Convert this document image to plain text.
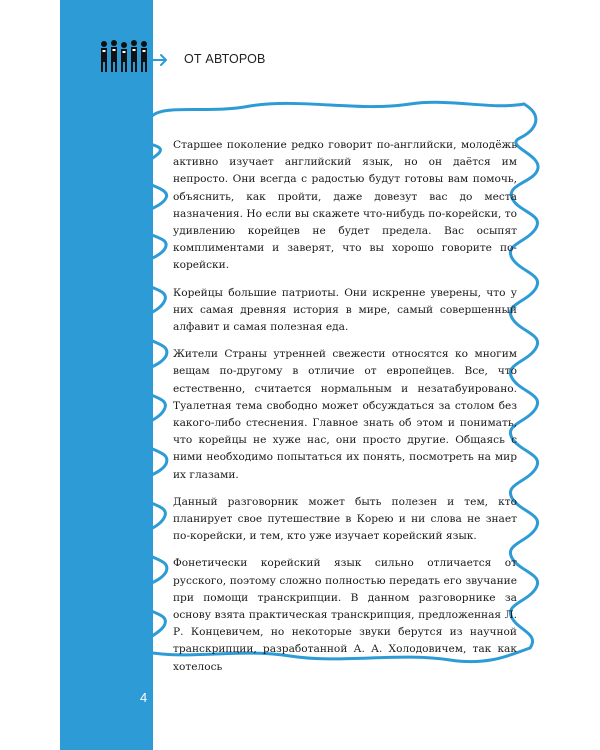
ОТ АВТОРОВ
4
ОТ АВТОРОВ

Старшее поколение редко говорит по-английски, молодёжь активно изучает английский язык, но он даётся им непросто. Они всегда с радостью будут готовы вам помочь, объяснить, как пройти, даже довезут вас до места назначения. Но если вы скажете что-нибудь по-корейски, то удивлению корейцев не будет предела. Вас осыпят комплиментами и заверят, что вы хорошо говорите по-корейски.

Корейцы большие патриоты. Они искренне уверены, что у них самая древняя история в мире, самый совершенный алфавит и самая полезная еда.

Жители Страны утренней свежести относятся ко многим вещам по-другому в отличие от европейцев. Все, что естественно, считается нормальным и незатабуировано. Туалетная тема свободно может обсуждаться за столом без какого-либо стеснения. Главное знать об этом и понимать, что корейцы не хуже нас, они просто другие. Общаясь с ними необходимо попытаться их понять, посмотреть на мир их глазами.

Данный разговорник может быть полезен и тем, кто планирует свое путешествие в Корею и ни слова не знает по-корейски, и тем, кто уже изучает корейский язык.

Фонетически корейский язык сильно отличается от русского, поэтому сложно полностью передать его звучание при помощи транскрипции. В данном разговорнике за основу взята практическая транскрипция, предложенная Л. Р. Концевичем, но некоторые звуки берутся из научной транскрипции, разработанной А. А. Холодовичем, так как хотелось
